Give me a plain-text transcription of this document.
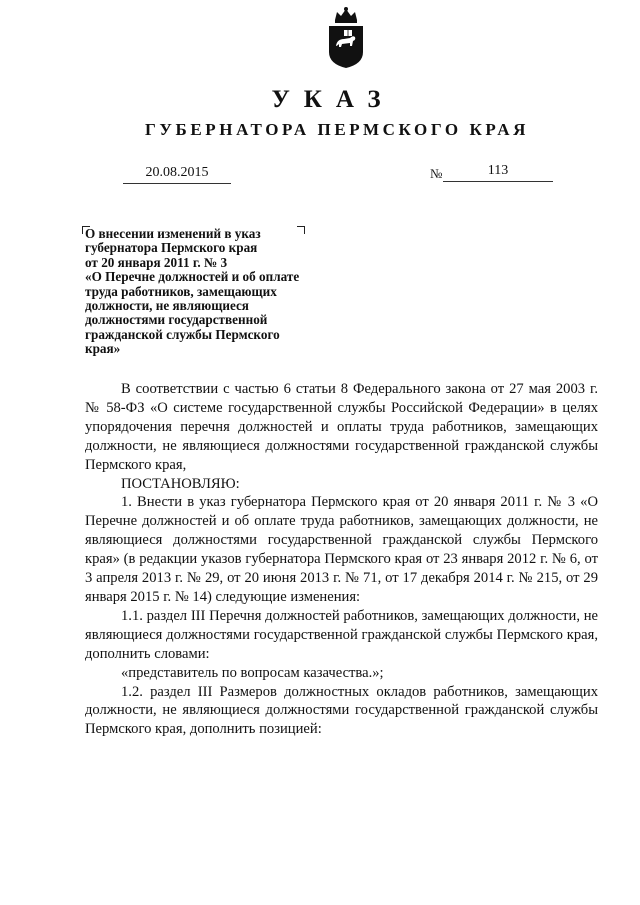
УКАЗ
ГУБЕРНАТОРА ПЕРМСКОГО КРАЯ
20.08.2015	№	113
О внесении изменений в указ
губернатора Пермского края
от 20 января 2011 г. № 3
«О Перечне должностей и об оплате
труда работников, замещающих
должности, не являющиеся
должностями государственной
гражданской службы Пермского
края»

В соответствии с частью 6 статьи 8 Федерального закона от 27 мая 2003 г. № 58-ФЗ «О системе государственной службы Российской Федерации» в целях упорядочения перечня должностей и оплаты труда работников, замещающих должности, не являющиеся должностями государственной гражданской службы Пермского края,

ПОСТАНОВЛЯЮ:

1. Внести в указ губернатора Пермского края от 20 января 2011 г. № 3 «О Перечне должностей и об оплате труда работников, замещающих должности, не являющиеся должностями государственной гражданской службы Пермского края» (в редакции указов губернатора Пермского края от 23 января 2012 г. № 6, от 3 апреля 2013 г. № 29, от 20 июня 2013 г. № 71, от 17 декабря 2014 г. № 215, от 29 января 2015 г. № 14) следующие изменения:

1.1. раздел III Перечня должностей работников, замещающих должности, не являющиеся должностями государственной гражданской службы Пермского края, дополнить словами:

«представитель по вопросам казачества.»;

1.2. раздел III Размеров должностных окладов работников, замещающих должности, не являющиеся должностями государственной гражданской службы Пермского края, дополнить позицией:
